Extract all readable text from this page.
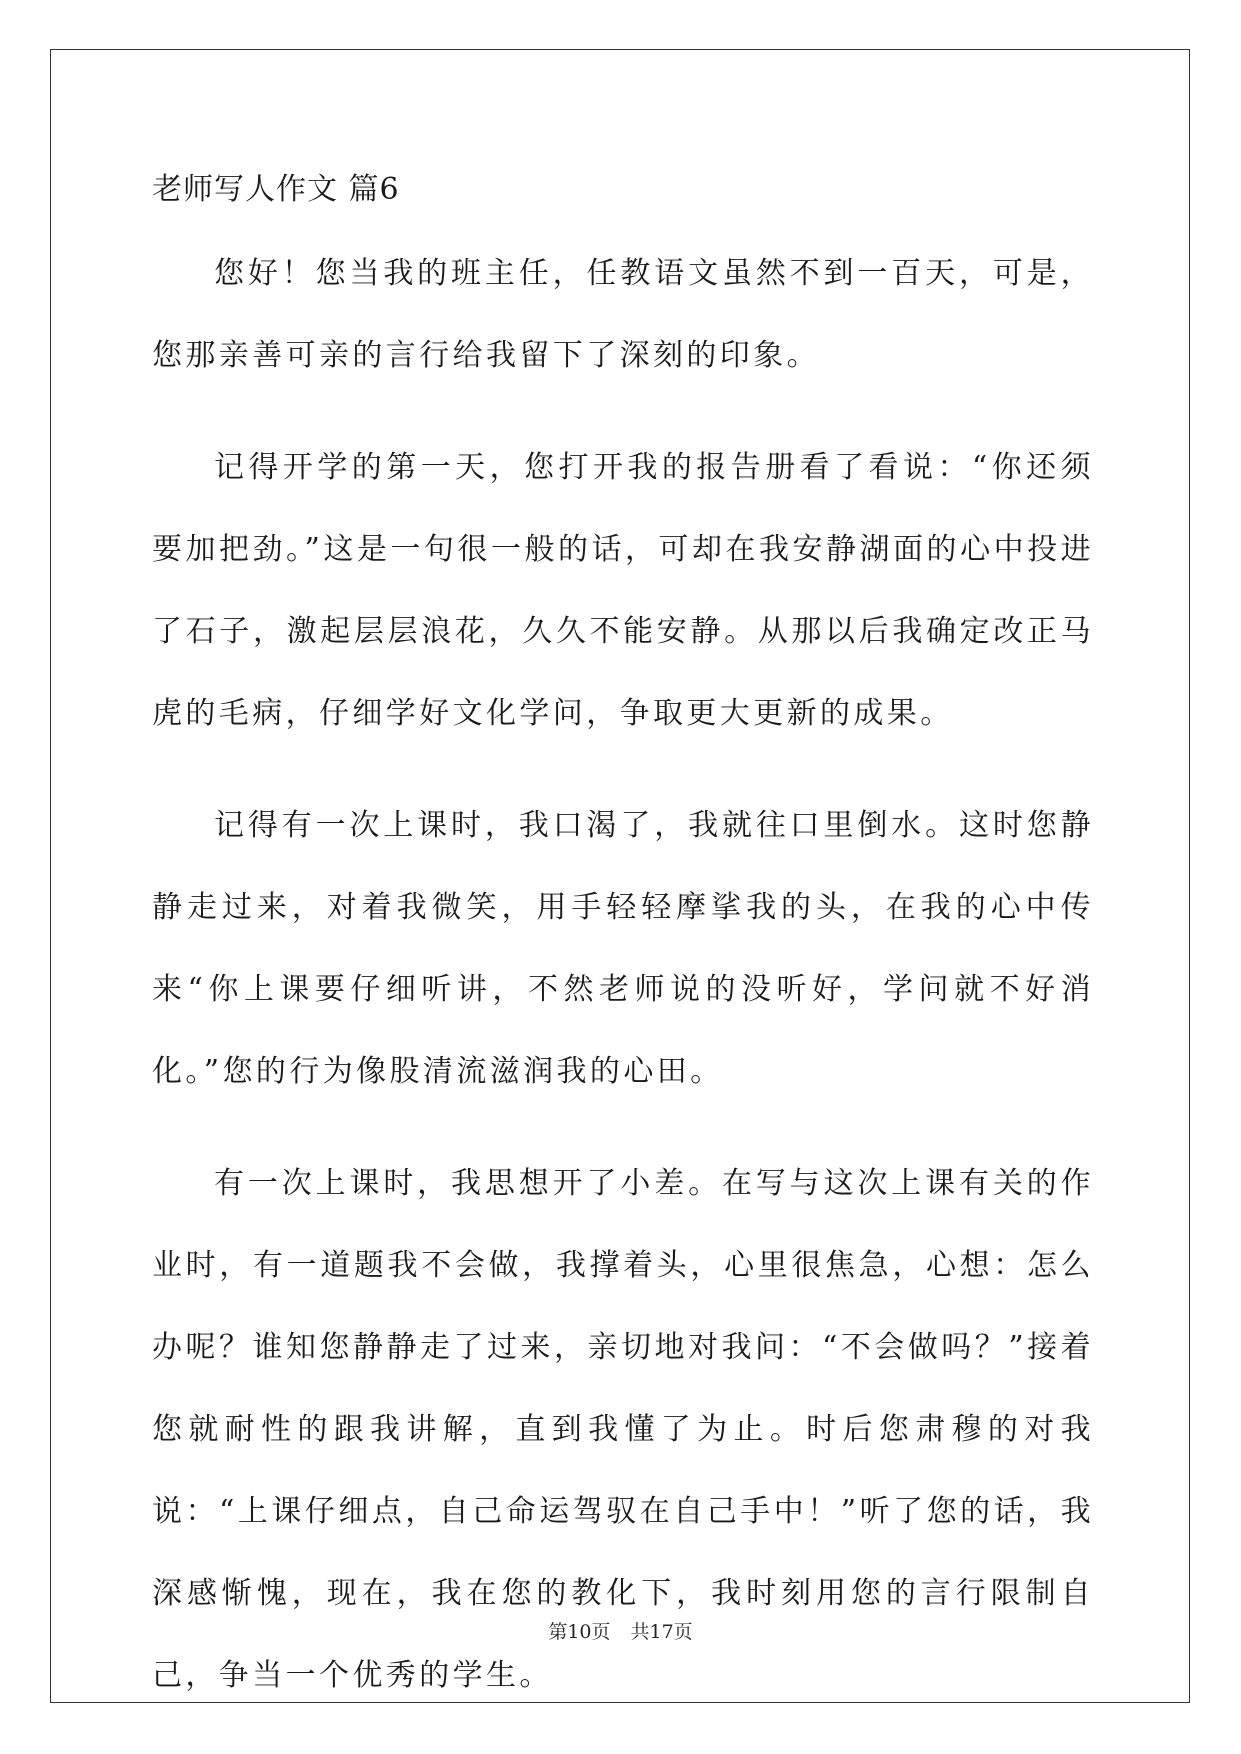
老师写人作文 篇6

您好！您当我的班主任，任教语文虽然不到一百天，可是，您那亲善可亲的言行给我留下了深刻的印象。

记得开学的第一天，您打开我的报告册看了看说：“你还须要加把劲。”这是一句很一般的话，可却在我安静湖面的心中投进了石子，激起层层浪花，久久不能安静。从那以后我确定改正马虎的毛病，仔细学好文化学问，争取更大更新的成果。

记得有一次上课时，我口渴了，我就往口里倒水。这时您静静走过来，对着我微笑，用手轻轻摩挲我的头，在我的心中传来“你上课要仔细听讲，不然老师说的没听好，学问就不好消化。”您的行为像股清流滋润我的心田。

有一次上课时，我思想开了小差。在写与这次上课有关的作业时，有一道题我不会做，我撑着头，心里很焦急，心想：怎么办呢？谁知您静静走了过来，亲切地对我问：“不会做吗？”接着您就耐性的跟我讲解，直到我懂了为止。时后您肃穆的对我说：“上课仔细点，自己命运驾驭在自己手中！”听了您的话，我深感惭愧，现在，我在您的教化下，我时刻用您的言行限制自己，争当一个优秀的学生。

第10页 共17页
